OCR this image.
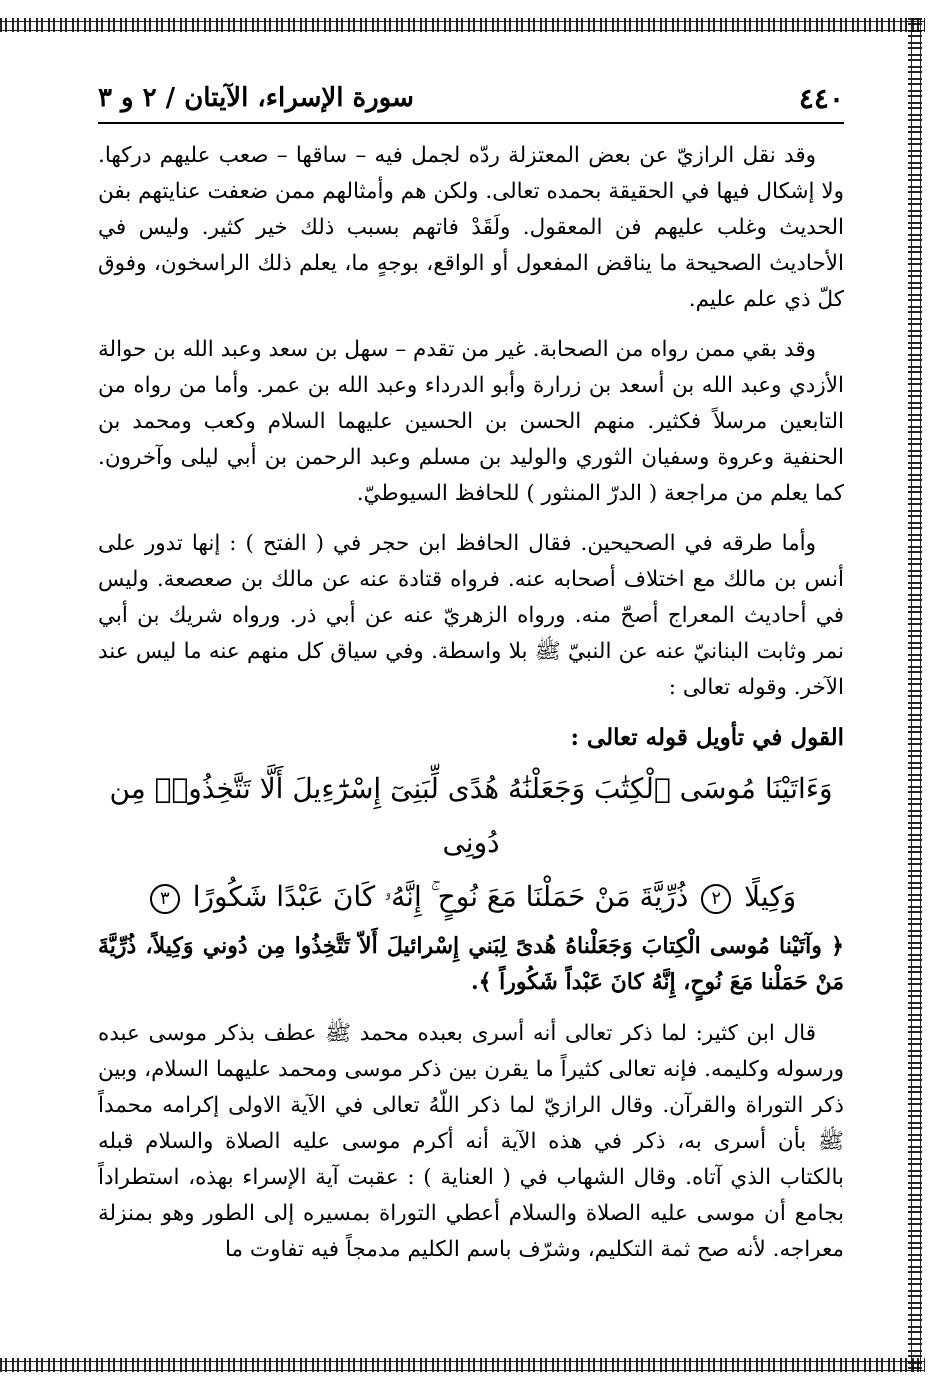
٤٤٠
سورة الإسراء، الآيتان / ٢ و ٣

وقد نقل الرازيّ عن بعض المعتزلة ردّه لجمل فيه – ساقها – صعب عليهم دركها. ولا إشكال فيها في الحقيقة بحمده تعالى. ولكن هم وأمثالهم ممن ضعفت عنايتهم بفن الحديث وغلب عليهم فن المعقول. ولَقَدْ فاتهم بسبب ذلك خير كثير. وليس في الأحاديث الصحيحة ما يناقض المفعول أو الواقع، بوجهٍ ما، يعلم ذلك الراسخون، وفوق كلّ ذي علم عليم.

وقد بقي ممن رواه من الصحابة. غير من تقدم – سهل بن سعد وعبد الله بن حوالة الأزدي وعبد الله بن أسعد بن زرارة وأبو الدرداء وعبد الله بن عمر. وأما من رواه من التابعين مرسلاً فكثير. منهم الحسن بن الحسين عليهما السلام وكعب ومحمد بن الحنفية وعروة وسفيان الثوري والوليد بن مسلم وعبد الرحمن بن أبي ليلى وآخرون. كما يعلم من مراجعة ( الدرّ المنثور ) للحافظ السيوطيّ.

وأما طرقه في الصحيحين. فقال الحافظ ابن حجر في ( الفتح ) : إنها تدور على أنس بن مالك مع اختلاف أصحابه عنه. فرواه قتادة عنه عن مالك بن صعصعة. وليس في أحاديث المعراج أصحّ منه. ورواه الزهريّ عنه عن أبي ذر. ورواه شريك بن أبي نمر وثابت البنانيّ عنه عن النبيّ ﷺ بلا واسطة. وفي سياق كل منهم عنه ما ليس عند الآخر. وقوله تعالى :

القول في تأويل قوله تعالى :
وَءَاتَيْنَا مُوسَى ٱلْكِتَٰبَ وَجَعَلْنَٰهُ هُدًى لِّبَنِىٓ إِسْرَٰٓءِيلَ أَلَّا تَتَّخِذُوا۟ مِن دُونِى
وَكِيلًا ٢ ذُرِّيَّةَ مَنْ حَمَلْنَا مَعَ نُوحٍ ۚ إِنَّهُۥ كَانَ عَبْدًا شَكُورًا ٣

﴿ وآتَيْنا مُوسى الْكِتابَ وَجَعَلْناهُ هُدىً لِبَني إِسْرائيلَ أَلاّ تَتَّخِذُوا مِن دُوني وَكِيلاً، ذُرِّيَّةَ مَنْ حَمَلْنا مَعَ نُوحٍ، إِنَّهُ كانَ عَبْداً شَكُوراً ﴾.

قال ابن كثير: لما ذكر تعالى أنه أسرى بعبده محمد ﷺ عطف بذكر موسى عبده ورسوله وكليمه. فإنه تعالى كثيراً ما يقرن بين ذكر موسى ومحمد عليهما السلام، وبين ذكر التوراة والقرآن. وقال الرازيّ لما ذكر اللّهُ تعالى في الآية الاولى إكرامه محمداً ﷺ بأن أسرى به، ذكر في هذه الآية أنه أكرم موسى عليه الصلاة والسلام قبله بالكتاب الذي آتاه. وقال الشهاب في ( العناية ) : عقبت آية الإسراء بهذه، استطراداً بجامع أن موسى عليه الصلاة والسلام أعطي التوراة بمسيره إلى الطور وهو بمنزلة معراجه. لأنه صح ثمة التكليم، وشرّف باسم الكليم مدمجاً فيه تفاوت ما
